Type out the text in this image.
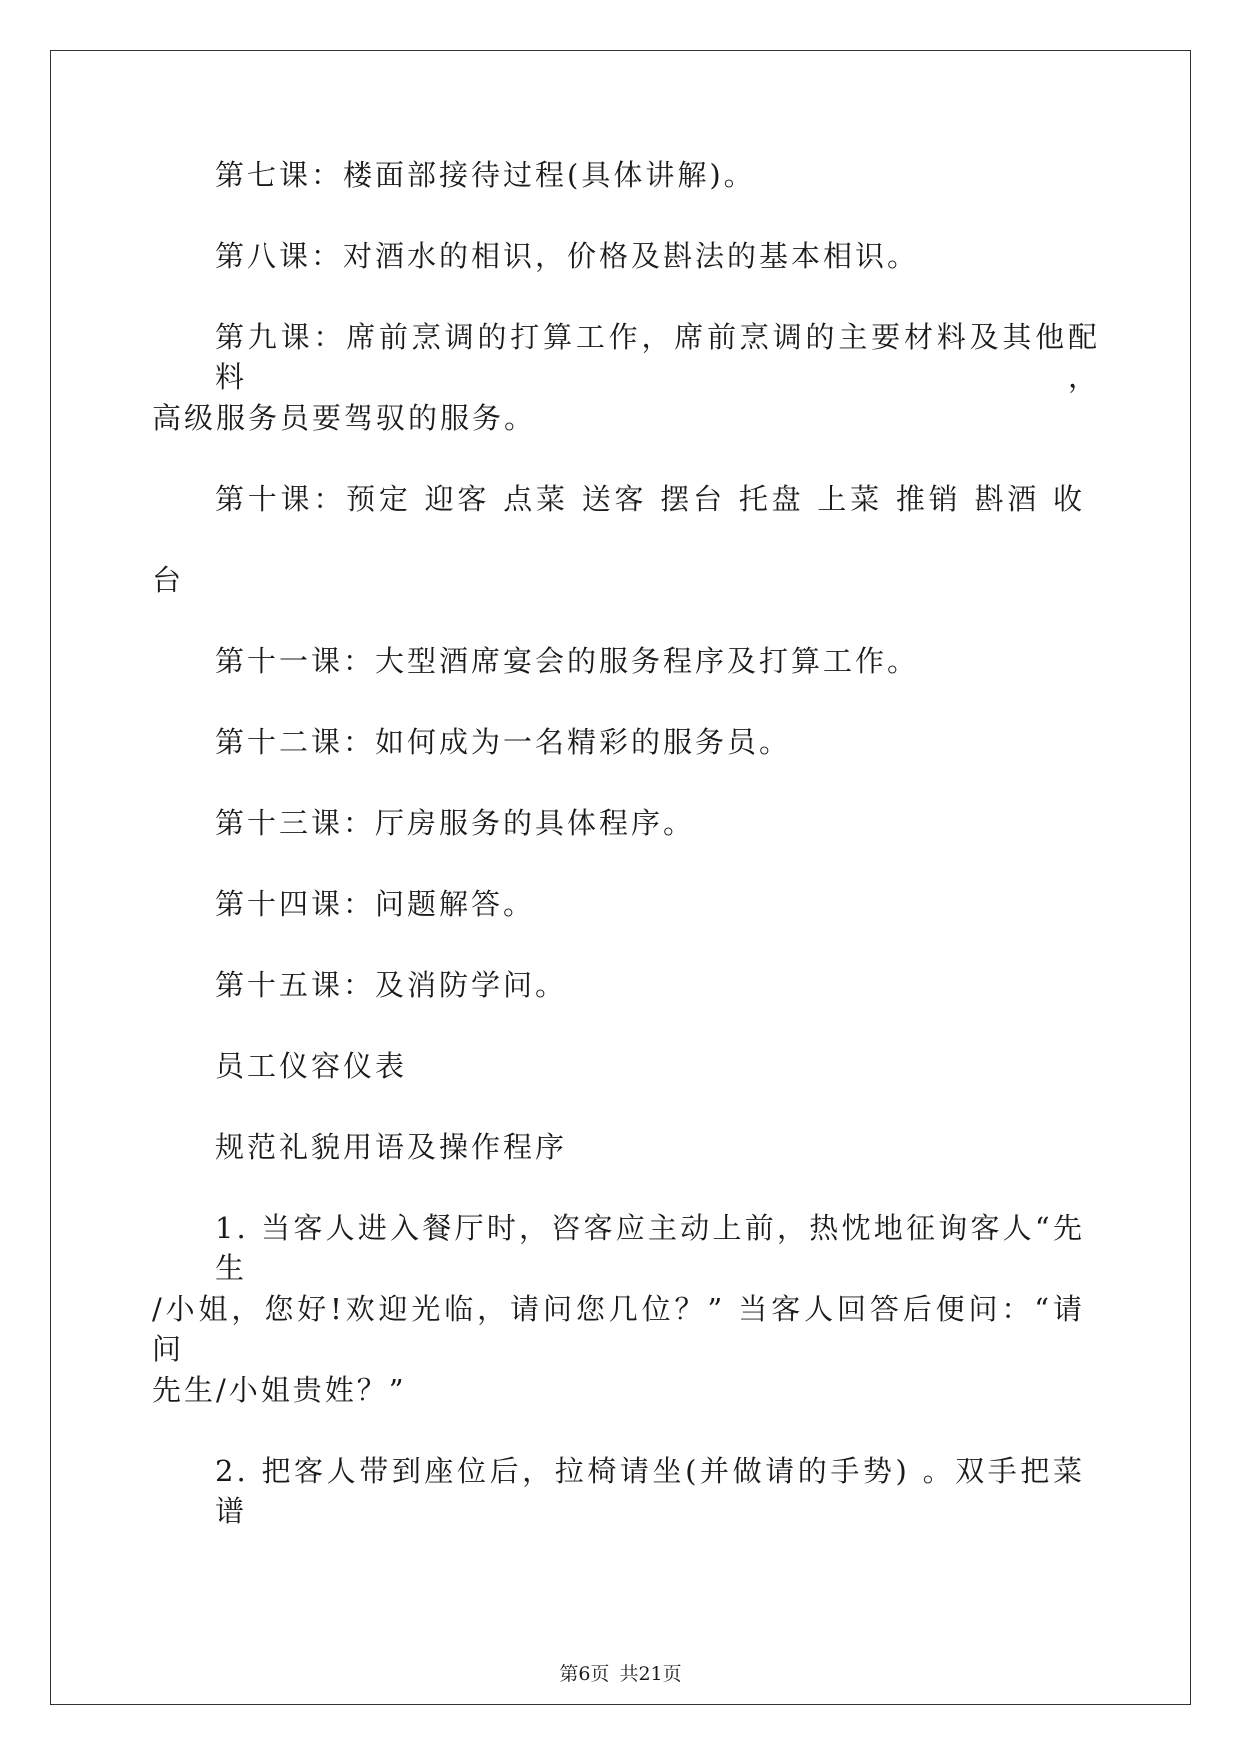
第七课：楼面部接待过程(具体讲解)。
第八课：对酒水的相识，价格及斟法的基本相识。
第九课：席前烹调的打算工作，席前烹调的主要材料及其他配料，
高级服务员要驾驭的服务。
第十课：预定 迎客 点菜 送客 摆台 托盘 上菜 推销 斟酒 收
台
第十一课：大型酒席宴会的服务程序及打算工作。
第十二课：如何成为一名精彩的服务员。
第十三课：厅房服务的具体程序。
第十四课：问题解答。
第十五课：及消防学问。
员工仪容仪表
规范礼貌用语及操作程序
1. 当客人进入餐厅时，咨客应主动上前，热忱地征询客人“先生
/小姐，您好!欢迎光临，请问您几位？” 当客人回答后便问：“请问
先生/小姐贵姓？”
2. 把客人带到座位后，拉椅请坐(并做请的手势) 。双手把菜谱
第6页 共21页
